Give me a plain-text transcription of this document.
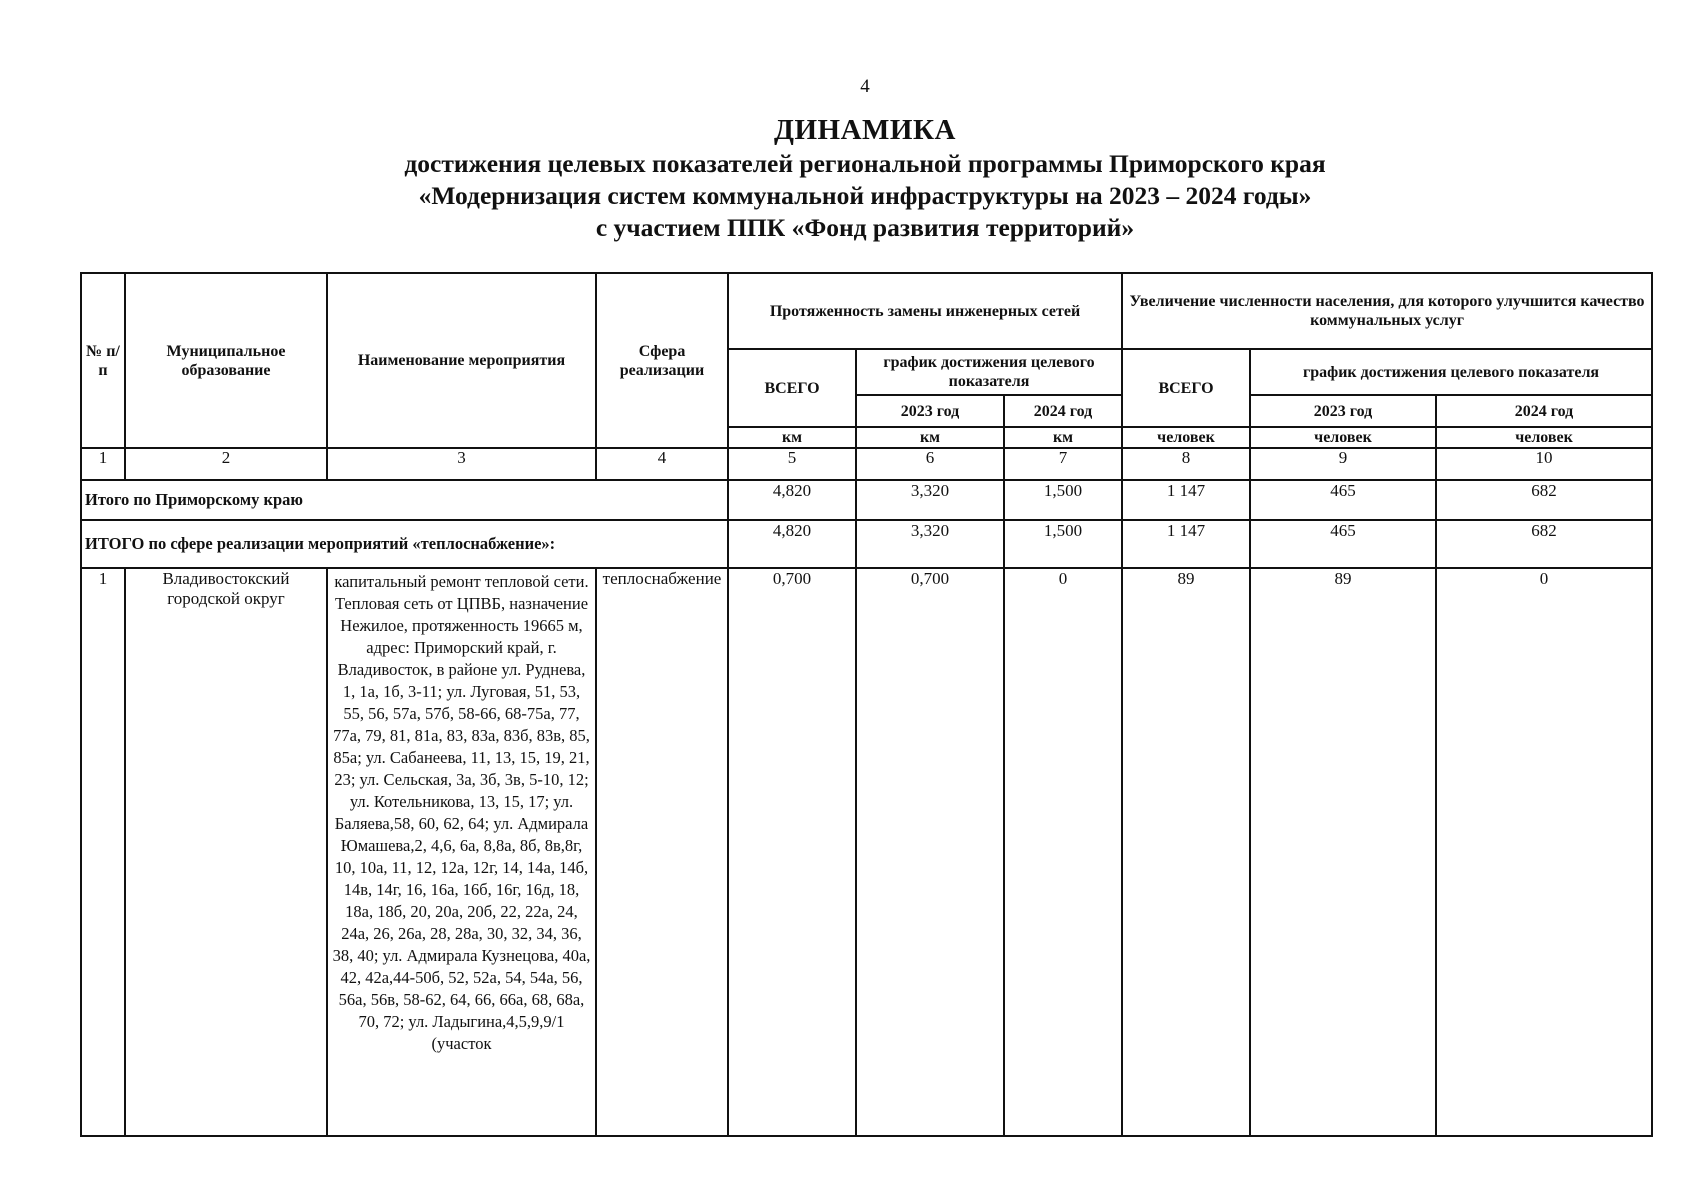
4
ДИНАМИКА
достижения целевых показателей региональной программы Приморского края
«Модернизация систем коммунальной инфраструктуры на 2023 – 2024 годы»
с участием ППК «Фонд развития территорий»
№ п/п	Муниципальное образование	Наименование мероприятия	Сфера реализации	Протяженность замены инженерных сетей			Увеличение численности населения, для которого улучшится качество коммунальных услуг		
				ВСЕГО	график достижения целевого показателя		ВСЕГО	график достижения целевого показателя	
					2023 год	2024 год		2023 год	2024 год
				км	км	км	человек	человек	человек
1	2	3	4	5	6	7	8	9	10
Итого по Приморскому краю				4,820	3,320	1,500	1 147	465	682
ИТОГО по сфере реализации мероприятий «теплоснабжение»:				4,820	3,320	1,500	1 147	465	682
1	Владивостокский городской округ	капитальный ремонт тепловой сети. Тепловая сеть от ЦПВБ, назначение Нежилое, протяженность 19665 м, адрес: Приморский край, г. Владивосток, в районе ул. Руднева, 1, 1а, 1б, 3-11; ул. Луговая, 51, 53, 55, 56, 57а, 57б, 58-66, 68-75а, 77, 77а, 79, 81, 81а, 83, 83а, 83б, 83в, 85, 85а; ул. Сабанеева, 11, 13, 15, 19, 21, 23; ул. Сельская, 3а, 3б, 3в, 5-10, 12; ул. Котельникова, 13, 15, 17; ул. Баляева,58, 60, 62, 64; ул. Адмирала Юмашева,2, 4,6, 6а, 8,8а, 8б, 8в,8г, 10, 10а, 11, 12, 12а, 12г, 14, 14а, 14б, 14в, 14г, 16, 16а, 16б, 16г, 16д, 18, 18а, 18б, 20, 20а, 20б, 22, 22а, 24, 24а, 26, 26а, 28, 28а, 30, 32, 34, 36, 38, 40; ул. Адмирала Кузнецова, 40а, 42, 42а,44-50б, 52, 52а, 54, 54а, 56, 56а, 56в, 58-62, 64, 66, 66а, 68, 68а, 70, 72; ул. Ладыгина,4,5,9,9/1 (участок	теплоснабжение	0,700	0,700	0	89	89	0
